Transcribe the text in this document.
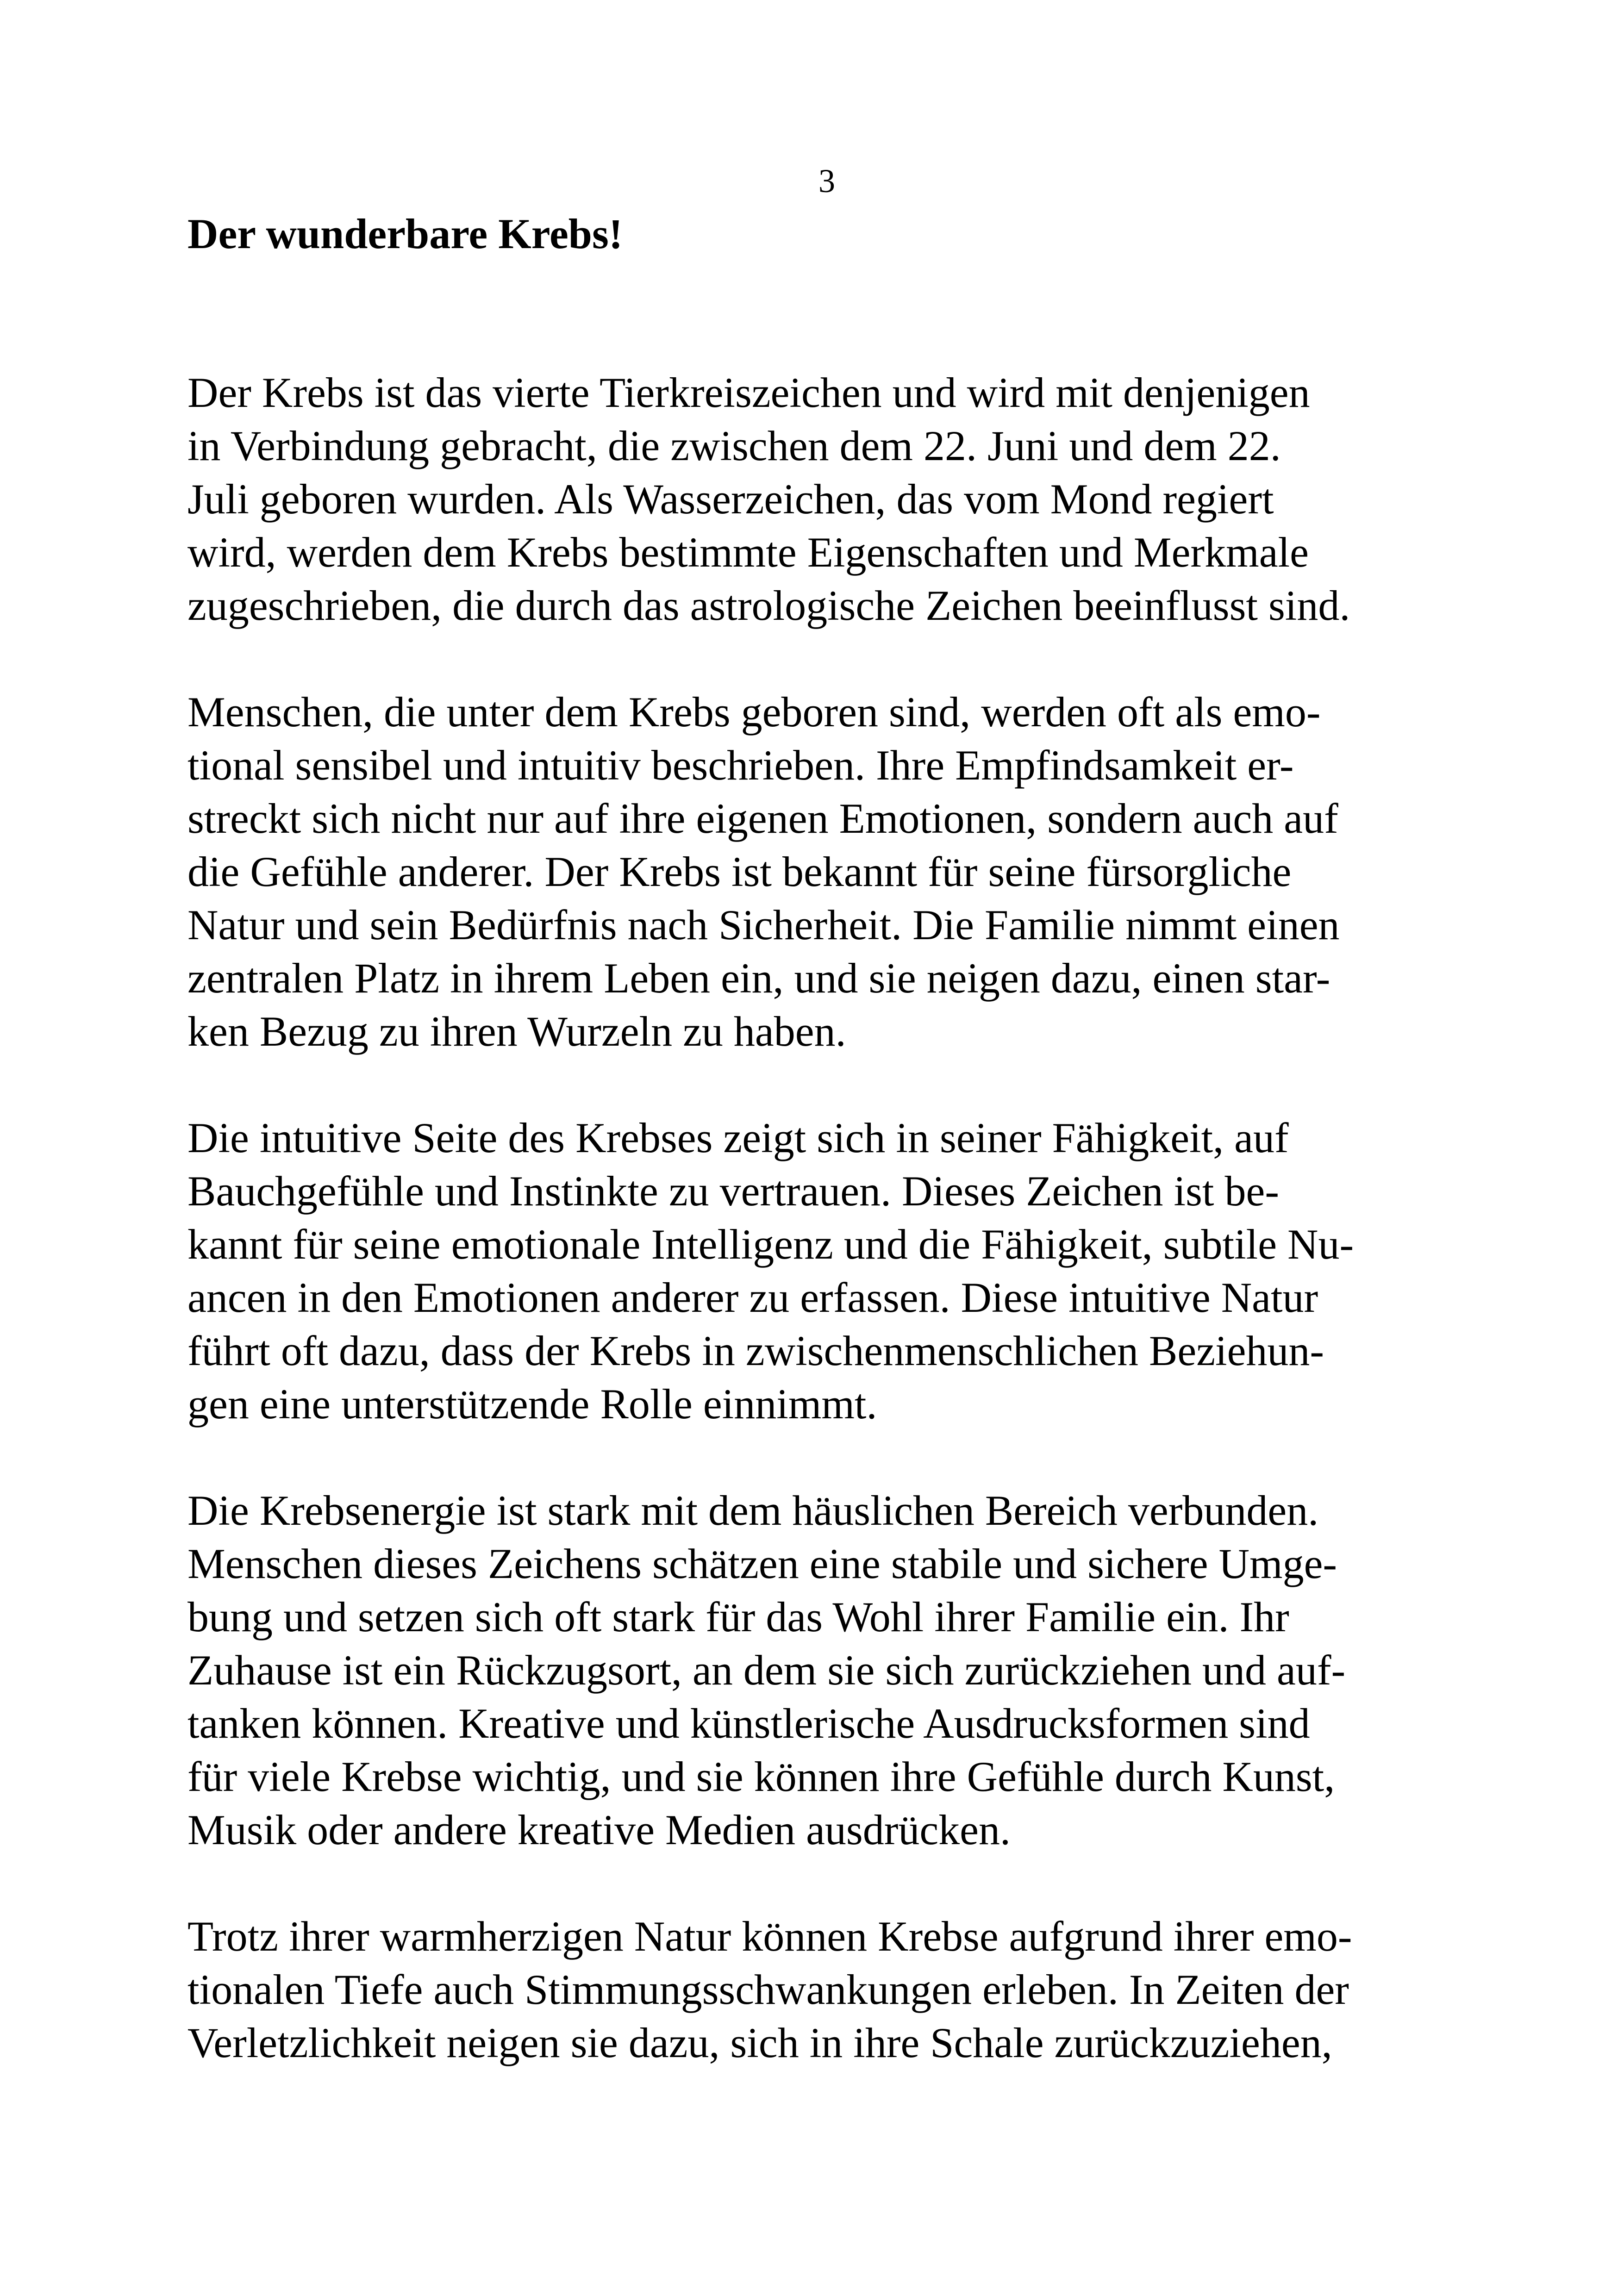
3
Der wunderbare Krebs!

Der Krebs ist das vierte Tierkreiszeichen und wird mit denjenigen
in Verbindung gebracht, die zwischen dem 22. Juni und dem 22.
Juli geboren wurden. Als Wasserzeichen, das vom Mond regiert
wird, werden dem Krebs bestimmte Eigenschaften und Merkmale
zugeschrieben, die durch das astrologische Zeichen beeinflusst sind.

Menschen, die unter dem Krebs geboren sind, werden oft als emo-
tional sensibel und intuitiv beschrieben. Ihre Empfindsamkeit er-
streckt sich nicht nur auf ihre eigenen Emotionen, sondern auch auf
die Gefühle anderer. Der Krebs ist bekannt für seine fürsorgliche
Natur und sein Bedürfnis nach Sicherheit. Die Familie nimmt einen
zentralen Platz in ihrem Leben ein, und sie neigen dazu, einen star-
ken Bezug zu ihren Wurzeln zu haben.

Die intuitive Seite des Krebses zeigt sich in seiner Fähigkeit, auf
Bauchgefühle und Instinkte zu vertrauen. Dieses Zeichen ist be-
kannt für seine emotionale Intelligenz und die Fähigkeit, subtile Nu-
ancen in den Emotionen anderer zu erfassen. Diese intuitive Natur
führt oft dazu, dass der Krebs in zwischenmenschlichen Beziehun-
gen eine unterstützende Rolle einnimmt.

Die Krebsenergie ist stark mit dem häuslichen Bereich verbunden.
Menschen dieses Zeichens schätzen eine stabile und sichere Umge-
bung und setzen sich oft stark für das Wohl ihrer Familie ein. Ihr
Zuhause ist ein Rückzugsort, an dem sie sich zurückziehen und auf-
tanken können. Kreative und künstlerische Ausdrucksformen sind
für viele Krebse wichtig, und sie können ihre Gefühle durch Kunst,
Musik oder andere kreative Medien ausdrücken.

Trotz ihrer warmherzigen Natur können Krebse aufgrund ihrer emo-
tionalen Tiefe auch Stimmungsschwankungen erleben. In Zeiten der
Verletzlichkeit neigen sie dazu, sich in ihre Schale zurückzuziehen,
